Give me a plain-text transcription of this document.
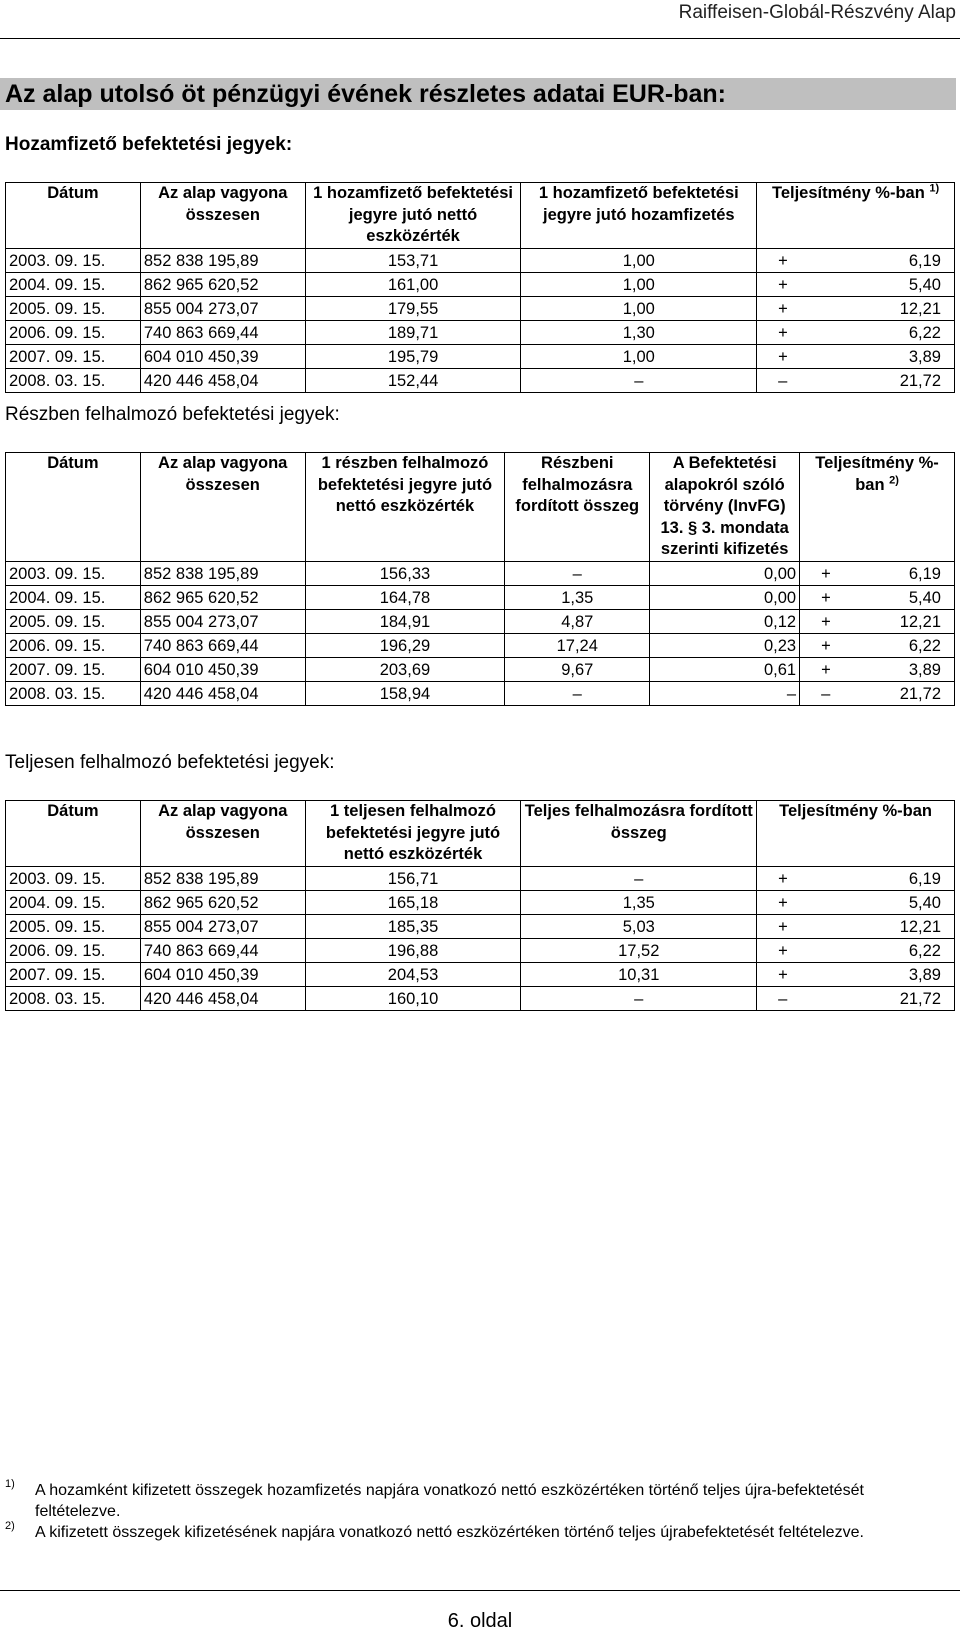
Raiffeisen-Globál-Részvény Alap
Az alap utolsó öt pénzügyi évének részletes adatai EUR-ban:
Hozamfizető befektetési jegyek:
Dátum	Az alap vagyona összesen	1 hozamfizető befektetési jegyre jutó nettó eszközérték	1 hozamfizető befektetési jegyre jutó hozamfizetés	Teljesítmény %-ban $^{1)}$
2003. 09. 15.	852 838 195,89	153,71	1,00	+ 6,19

2004. 09. 15.	862 965 620,52	161,00	1,00	+ 5,40

2005. 09. 15.	855 004 273,07	179,55	1,00	+ 12,21

2006. 09. 15.	740 863 669,44	189,71	1,30	+ 6,22

2007. 09. 15.	604 010 450,39	195,79	1,00	+ 3,89

2008. 03. 15.	420 446 458,04	152,44	–	– 21,72
Részben felhalmozó befektetési jegyek:
Dátum	Az alap vagyona összesen	1 részben felhalmozó befektetési jegyre jutó nettó eszközérték	Részbeni felhalmozásra fordított összeg	A Befektetési alapokról szóló törvény (InvFG) 13. § 3. mondata szerinti kifizetés	Teljesítmény %-ban $^{2)}$
2003. 09. 15.	852 838 195,89	156,33	–	0,00	+ 6,19

2004. 09. 15.	862 965 620,52	164,78	1,35	0,00	+ 5,40

2005. 09. 15.	855 004 273,07	184,91	4,87	0,12	+ 12,21

2006. 09. 15.	740 863 669,44	196,29	17,24	0,23	+ 6,22

2007. 09. 15.	604 010 450,39	203,69	9,67	0,61	+ 3,89

2008. 03. 15.	420 446 458,04	158,94	–	–	– 21,72
Teljesen felhalmozó befektetési jegyek:
Dátum	Az alap vagyona összesen	1 teljesen felhalmozó befektetési jegyre jutó nettó eszközérték	Teljes felhalmozásra fordított összeg	Teljesítmény %-ban
2003. 09. 15.	852 838 195,89	156,71	–	+ 6,19

2004. 09. 15.	862 965 620,52	165,18	1,35	+ 5,40

2005. 09. 15.	855 004 273,07	185,35	5,03	+ 12,21

2006. 09. 15.	740 863 669,44	196,88	17,52	+ 6,22

2007. 09. 15.	604 010 450,39	204,53	10,31	+ 3,89

2008. 03. 15.	420 446 458,04	160,10	–	– 21,72
1) A hozamként kifizetett összegek hozamfizetés napjára vonatkozó nettó eszközértéken történő teljes újra-befektetését feltételezve.
2) A kifizetett összegek kifizetésének napjára vonatkozó nettó eszközértéken történő teljes újrabefektetését feltételezve.
6. oldal
